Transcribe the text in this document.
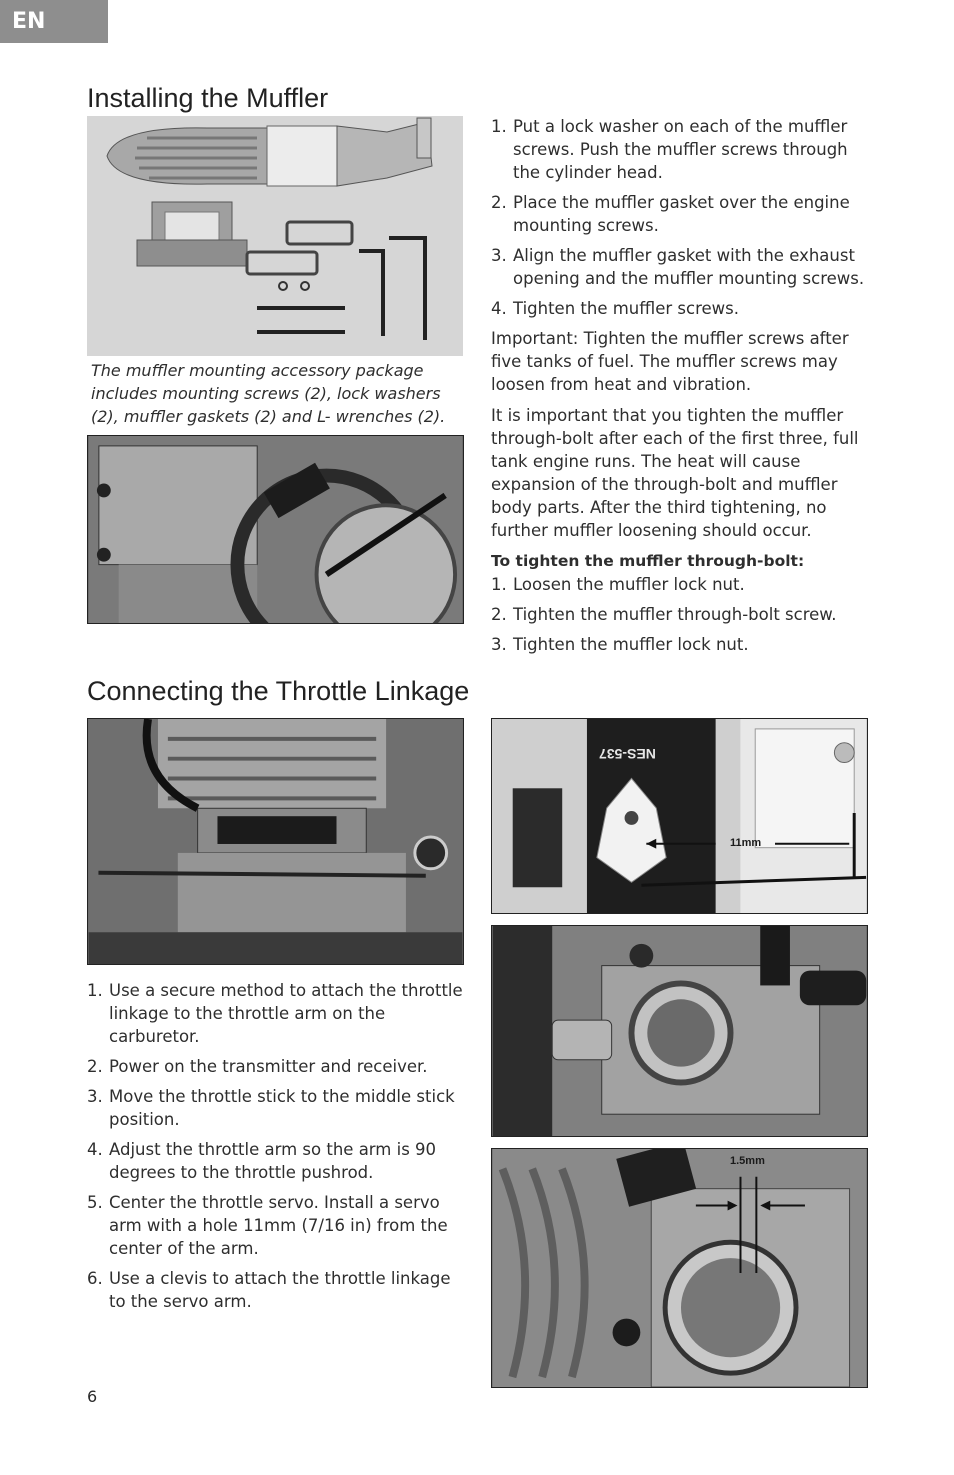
EN
Installing the Muffler
The muffler mounting accessory package includes mounting screws (2), lock washers (2), muffler gaskets (2) and L- wrenches (2).
1. Put a lock washer on each of the muffler screws. Push the muffler screws through the cylinder head.
2. Place the muffler gasket over the engine mounting screws.
3. Align the muffler gasket with the exhaust opening and the muffler mounting screws.
4. Tighten the muffler screws.

Important: Tighten the muffler screws after five tanks of fuel. The muffler screws may loosen from heat and vibration.

It is important that you tighten the muffler through-bolt after each of the first three, full tank engine runs. The heat will cause expansion of the through-bolt and muffler body parts. After the third tightening, no further muffler loosening should occur.

To tighten the muffler through-bolt:
1. Loosen the muffler lock nut.
2. Tighten the muffler through-bolt screw.
3. Tighten the muffler lock nut.
Connecting the Throttle Linkage
1. Use a secure method to attach the throttle linkage to the throttle arm on the carburetor.
2. Power on the transmitter and receiver.
3. Move the throttle stick to the middle stick position.
4. Adjust the throttle arm so the arm is 90 degrees to the throttle pushrod.
5. Center the throttle servo. Install a servo arm with a hole 11mm (7/16 in) from the center of the arm.
6. Use a clevis to attach the throttle linkage to the servo arm.
NES-537
11mm
1.5mm
6
